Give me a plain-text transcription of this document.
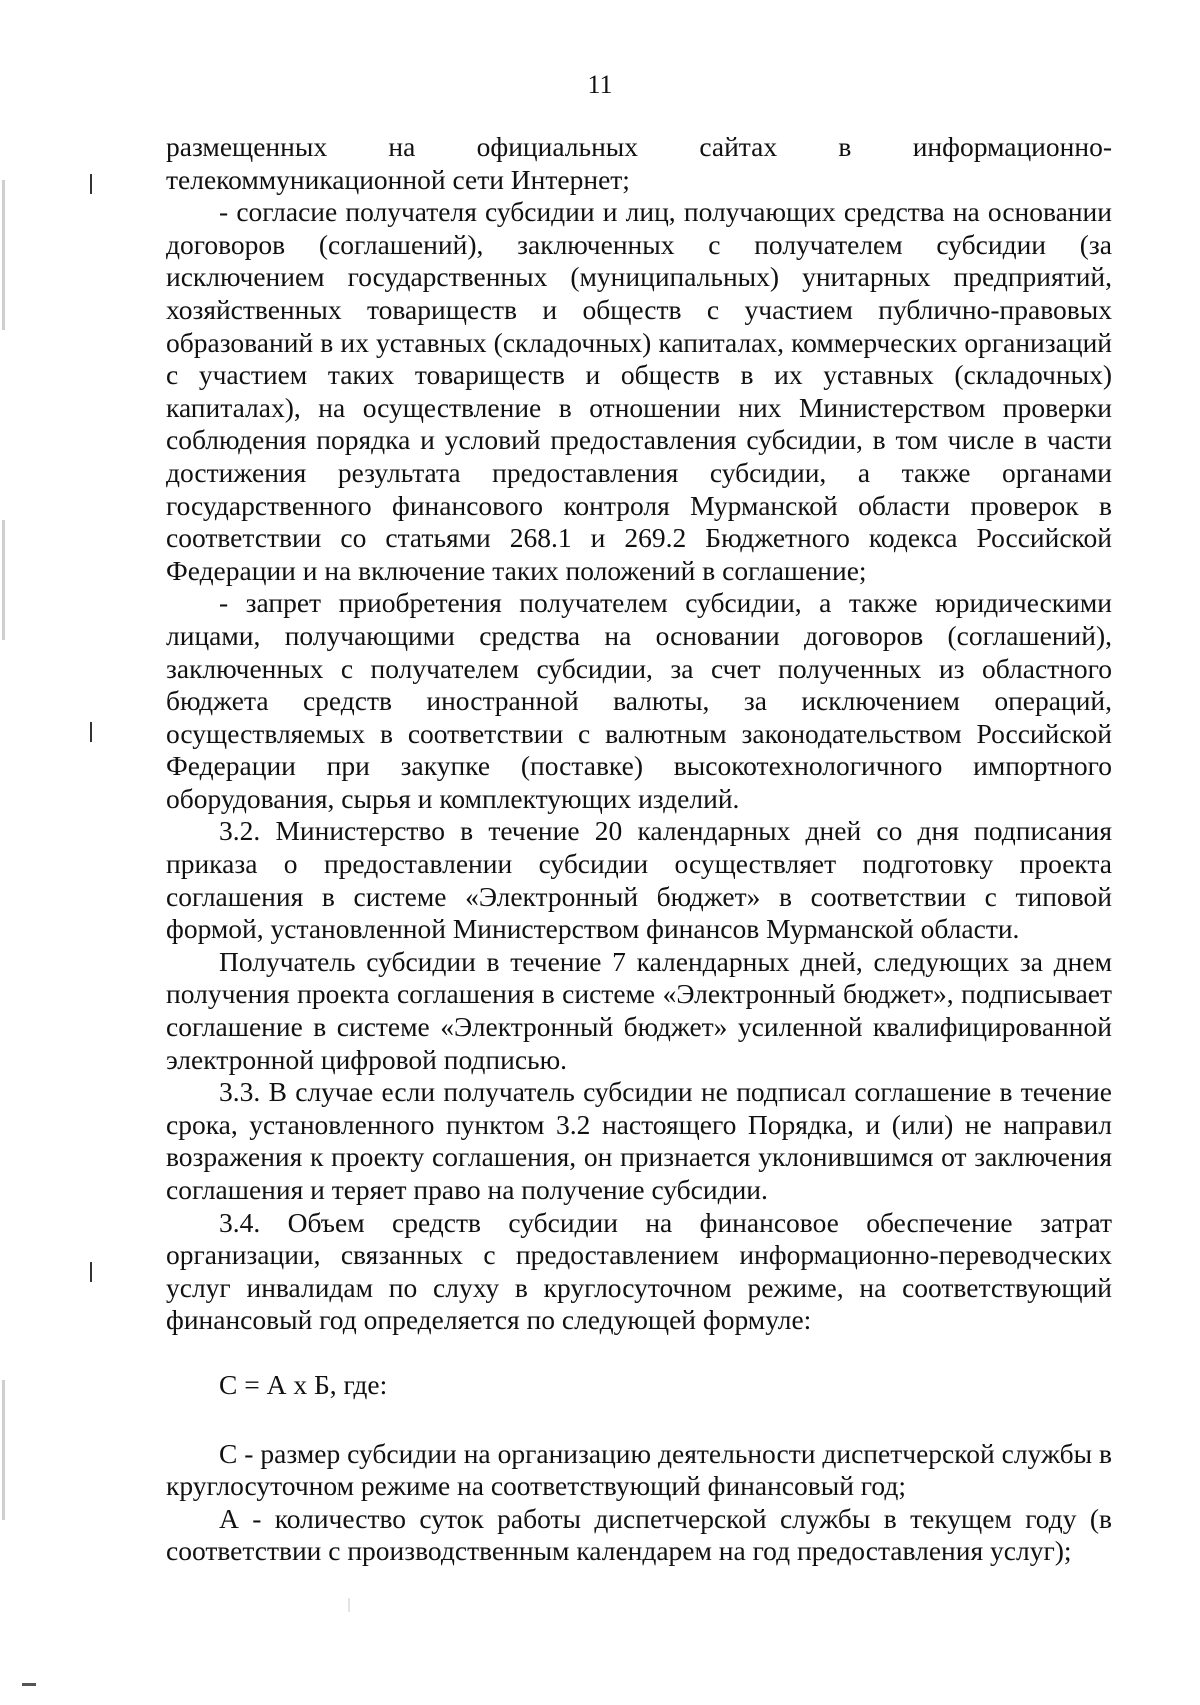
11

размещенных на официальных сайтах в информационно-телекоммуникационной сети Интернет;

- согласие получателя субсидии и лиц, получающих средства на основании договоров (соглашений), заключенных с получателем субсидии (за исключением государственных (муниципальных) унитарных предприятий, хозяйственных товариществ и обществ с участием публично-правовых образований в их уставных (складочных) капиталах, коммерческих организаций с участием таких товариществ и обществ в их уставных (складочных) капиталах), на осуществление в отношении них Министерством проверки соблюдения порядка и условий предоставления субсидии, в том числе в части достижения результата предоставления субсидии, а также органами государственного финансового контроля Мурманской области проверок в соответствии со статьями 268.1 и 269.2 Бюджетного кодекса Российской Федерации и на включение таких положений в соглашение;

- запрет приобретения получателем субсидии, а также юридическими лицами, получающими средства на основании договоров (соглашений), заключенных с получателем субсидии, за счет полученных из областного бюджета средств иностранной валюты, за исключением операций, осуществляемых в соответствии с валютным законодательством Российской Федерации при закупке (поставке) высокотехнологичного импортного оборудования, сырья и комплектующих изделий.

3.2. Министерство в течение 20 календарных дней со дня подписания приказа о предоставлении субсидии осуществляет подготовку проекта соглашения в системе «Электронный бюджет» в соответствии с типовой формой, установленной Министерством финансов Мурманской области.

Получатель субсидии в течение 7 календарных дней, следующих за днем получения проекта соглашения в системе «Электронный бюджет», подписывает соглашение в системе «Электронный бюджет» усиленной квалифицированной электронной цифровой подписью.

3.3. В случае если получатель субсидии не подписал соглашение в течение срока, установленного пунктом 3.2 настоящего Порядка, и (или) не направил возражения к проекту соглашения, он признается уклонившимся от заключения соглашения и теряет право на получение субсидии.

3.4. Объем средств субсидии на финансовое обеспечение затрат организации, связанных с предоставлением информационно-переводческих услуг инвалидам по слуху в круглосуточном режиме, на соответствующий финансовый год определяется по следующей формуле:

С = А х Б, где:

С - размер субсидии на организацию деятельности диспетчерской службы в круглосуточном режиме на соответствующий финансовый год;

А - количество суток работы диспетчерской службы в текущем году (в соответствии с производственным календарем на год предоставления услуг);
